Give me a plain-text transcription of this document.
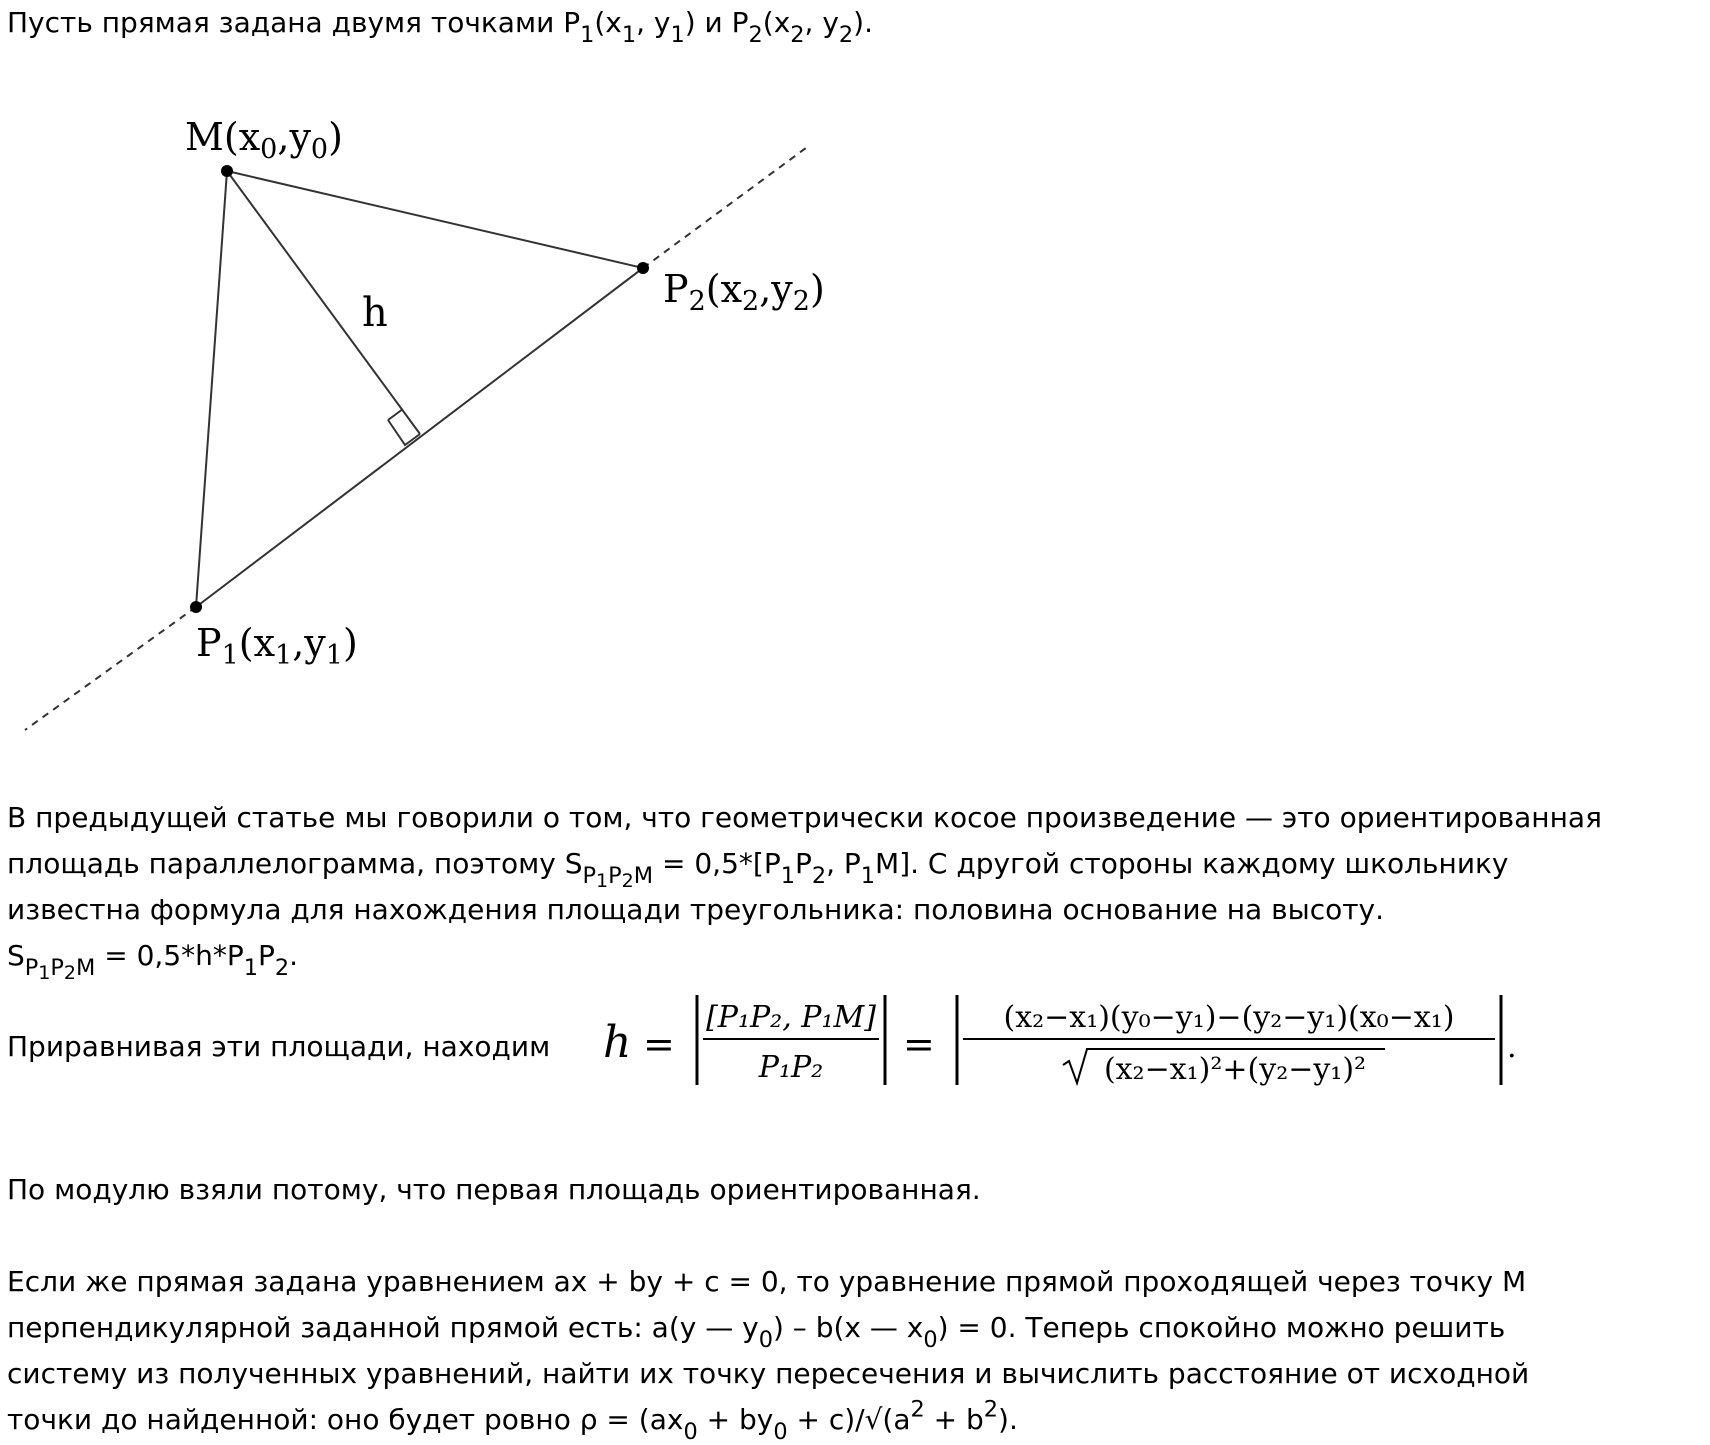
Пусть прямая задана двумя точками $P_1(x_1$, $y_1$) и $P_2(x_2$, $y_2$).
$M(x_0,y_0)$
$P_2(x_2,y_2)$
$P_1(x_1,y_1)$
h
В предыдущей статье мы говорили о том, что геометрически косое произведение — это ориентированная
площадь параллелограмма, поэтому $S_{P_1P_2M} = 0,5*[P_1P_2$, $P_1M$]. С другой стороны каждому школьнику
известна формула для нахождения площади треугольника: половина основание на высоту.
$S_{P_1P_2M} = 0,5*h*P_1P_2$.
Приравнивая эти площади, находим h =
[P₁P₂, P₁M]
P₁P₂
=
(x₂−x₁)(y₀−y₁)−(y₂−y₁)(x₀−x₁)
(x₂−x₁)²+(y₂−y₁)²
.
По модулю взяли потому, что первая площадь ориентированная.
Если же прямая задана уравнением ax + by + c = 0, то уравнение прямой проходящей через точку M
перпендикулярной заданной прямой есть: a(y — $y_0) - b(x$ — $x_0) = 0$. Теперь спокойно можно решить
систему из полученных уравнений, найти их точку пересечения и вычислить расстояние от исходной
точки до найденной: оно будет ровно $\rho = (ax_0 + by_0 + c)/√(a^2 + b^2)$.
